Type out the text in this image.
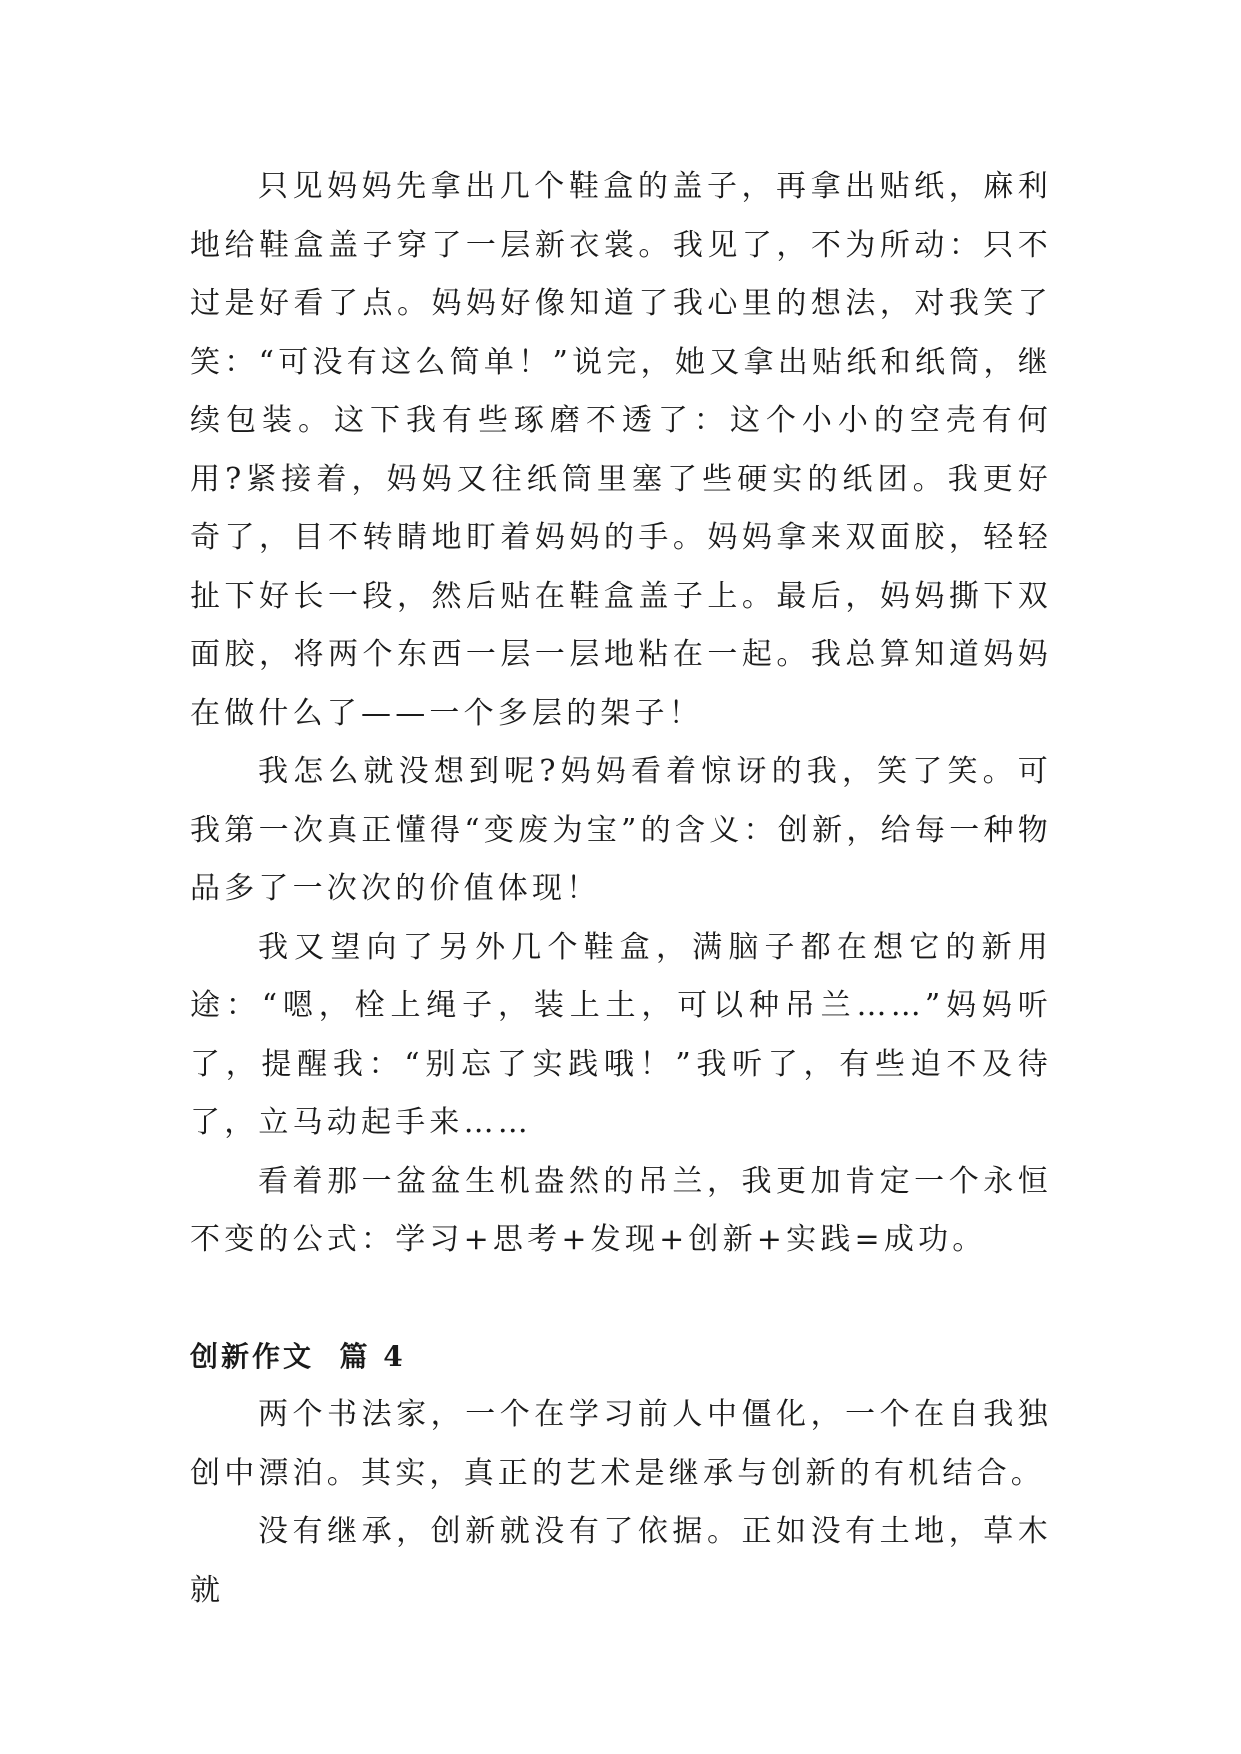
只见妈妈先拿出几个鞋盒的盖子，再拿出贴纸，麻利地给鞋盒盖子穿了一层新衣裳。我见了，不为所动：只不过是好看了点。妈妈好像知道了我心里的想法，对我笑了笑：“可没有这么简单！”说完，她又拿出贴纸和纸筒，继续包装。这下我有些琢磨不透了：这个小小的空壳有何用?紧接着，妈妈又往纸筒里塞了些硬实的纸团。我更好奇了，目不转睛地盯着妈妈的手。妈妈拿来双面胶，轻轻扯下好长一段，然后贴在鞋盒盖子上。最后，妈妈撕下双面胶，将两个东西一层一层地粘在一起。我总算知道妈妈在做什么了——一个多层的架子！

我怎么就没想到呢?妈妈看着惊讶的我，笑了笑。可我第一次真正懂得“变废为宝”的含义：创新，给每一种物品多了一次次的价值体现！

我又望向了另外几个鞋盒，满脑子都在想它的新用途：“嗯，栓上绳子，装上土，可以种吊兰……”妈妈听了，提醒我：“别忘了实践哦！”我听了，有些迫不及待了，立马动起手来……

看着那一盆盆生机盎然的吊兰，我更加肯定一个永恒不变的公式：学习+思考+发现+创新+实践=成功。

创新作文  篇 4

两个书法家，一个在学习前人中僵化，一个在自我独创中漂泊。其实，真正的艺术是继承与创新的有机结合。

没有继承，创新就没有了依据。正如没有土地，草木就
